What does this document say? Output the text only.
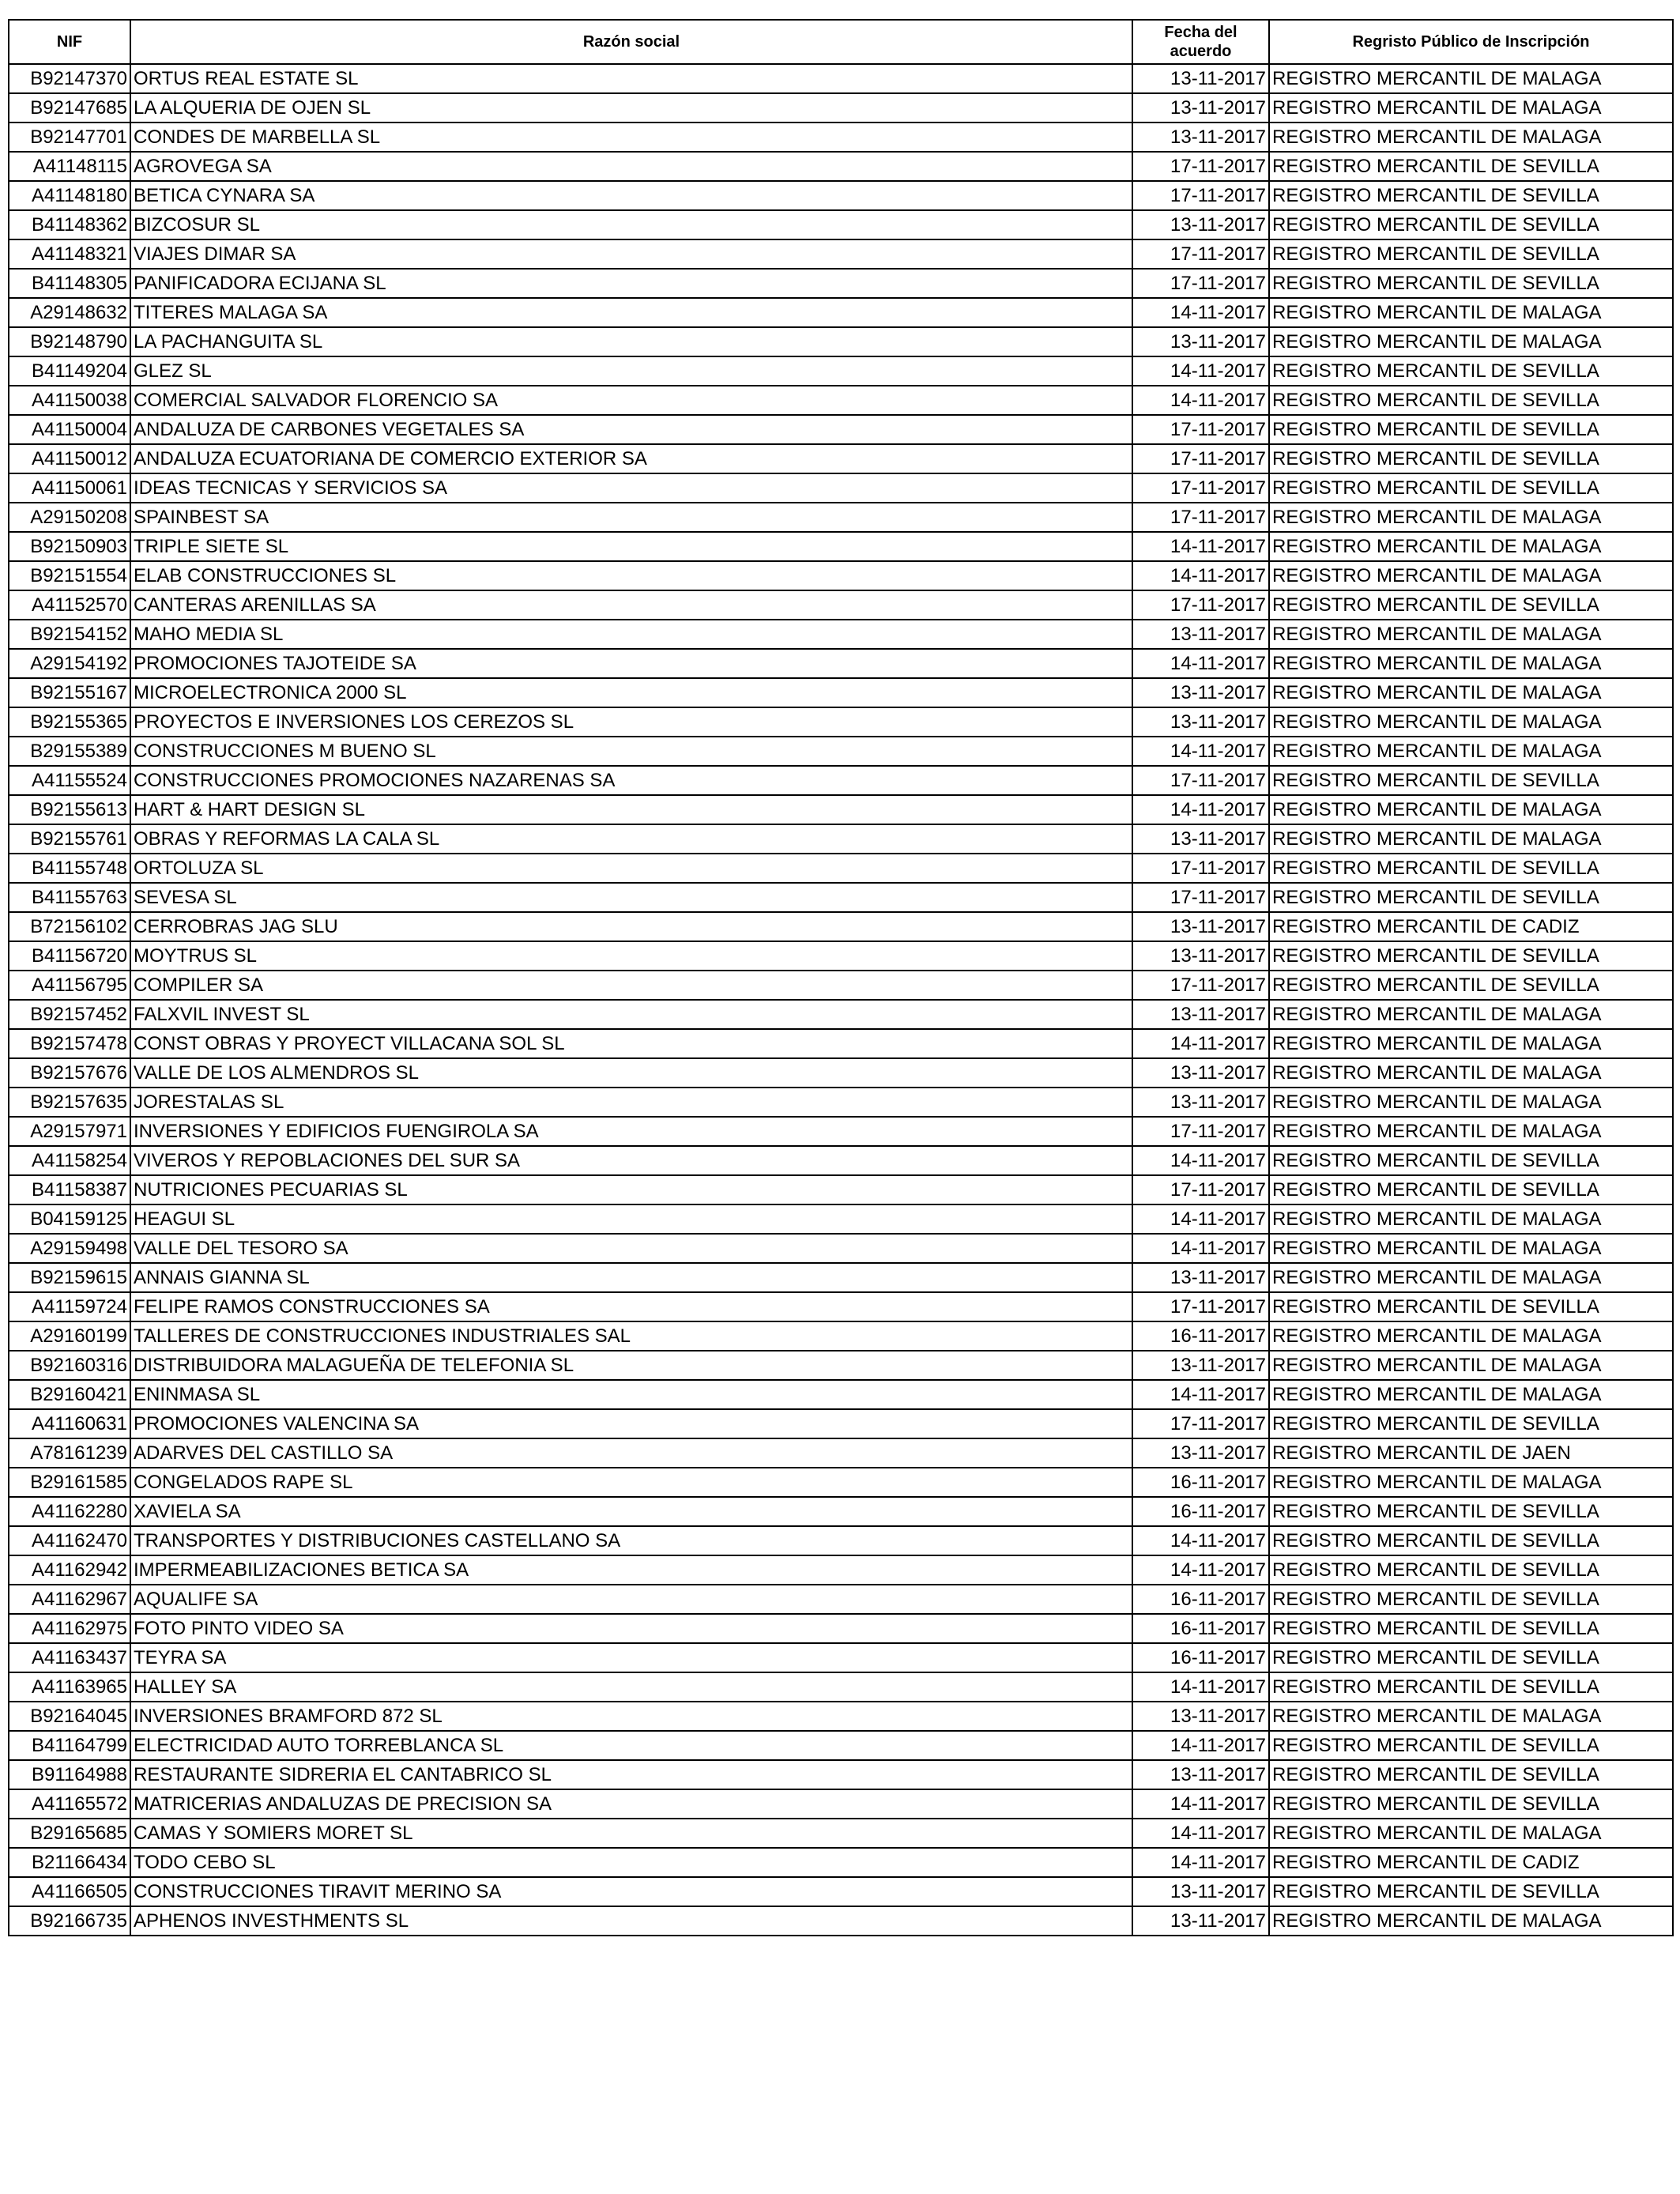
NIF	Razón social	Fecha del acuerdo	Regristo Público de Inscripción
B92147370	ORTUS REAL ESTATE SL	13-11-2017	REGISTRO MERCANTIL DE MALAGA
B92147685	LA ALQUERIA DE OJEN SL	13-11-2017	REGISTRO MERCANTIL DE MALAGA
B92147701	CONDES DE MARBELLA SL	13-11-2017	REGISTRO MERCANTIL DE MALAGA
A41148115	AGROVEGA SA	17-11-2017	REGISTRO MERCANTIL DE SEVILLA
A41148180	BETICA CYNARA SA	17-11-2017	REGISTRO MERCANTIL DE SEVILLA
B41148362	BIZCOSUR SL	13-11-2017	REGISTRO MERCANTIL DE SEVILLA
A41148321	VIAJES DIMAR SA	17-11-2017	REGISTRO MERCANTIL DE SEVILLA
B41148305	PANIFICADORA ECIJANA SL	17-11-2017	REGISTRO MERCANTIL DE SEVILLA
A29148632	TITERES MALAGA SA	14-11-2017	REGISTRO MERCANTIL DE MALAGA
B92148790	LA PACHANGUITA SL	13-11-2017	REGISTRO MERCANTIL DE MALAGA
B41149204	GLEZ SL	14-11-2017	REGISTRO MERCANTIL DE SEVILLA
A41150038	COMERCIAL SALVADOR FLORENCIO SA	14-11-2017	REGISTRO MERCANTIL DE SEVILLA
A41150004	ANDALUZA DE CARBONES VEGETALES SA	17-11-2017	REGISTRO MERCANTIL DE SEVILLA
A41150012	ANDALUZA ECUATORIANA DE COMERCIO EXTERIOR SA	17-11-2017	REGISTRO MERCANTIL DE SEVILLA
A41150061	IDEAS TECNICAS Y SERVICIOS SA	17-11-2017	REGISTRO MERCANTIL DE SEVILLA
A29150208	SPAINBEST SA	17-11-2017	REGISTRO MERCANTIL DE MALAGA
B92150903	TRIPLE SIETE SL	14-11-2017	REGISTRO MERCANTIL DE MALAGA
B92151554	ELAB CONSTRUCCIONES SL	14-11-2017	REGISTRO MERCANTIL DE MALAGA
A41152570	CANTERAS ARENILLAS SA	17-11-2017	REGISTRO MERCANTIL DE SEVILLA
B92154152	MAHO MEDIA SL	13-11-2017	REGISTRO MERCANTIL DE MALAGA
A29154192	PROMOCIONES TAJOTEIDE SA	14-11-2017	REGISTRO MERCANTIL DE MALAGA
B92155167	MICROELECTRONICA 2000 SL	13-11-2017	REGISTRO MERCANTIL DE MALAGA
B92155365	PROYECTOS E INVERSIONES LOS CEREZOS SL	13-11-2017	REGISTRO MERCANTIL DE MALAGA
B29155389	CONSTRUCCIONES M BUENO SL	14-11-2017	REGISTRO MERCANTIL DE MALAGA
A41155524	CONSTRUCCIONES PROMOCIONES NAZARENAS SA	17-11-2017	REGISTRO MERCANTIL DE SEVILLA
B92155613	HART & HART DESIGN SL	14-11-2017	REGISTRO MERCANTIL DE MALAGA
B92155761	OBRAS Y REFORMAS LA CALA SL	13-11-2017	REGISTRO MERCANTIL DE MALAGA
B41155748	ORTOLUZA SL	17-11-2017	REGISTRO MERCANTIL DE SEVILLA
B41155763	SEVESA SL	17-11-2017	REGISTRO MERCANTIL DE SEVILLA
B72156102	CERROBRAS JAG SLU	13-11-2017	REGISTRO MERCANTIL DE CADIZ
B41156720	MOYTRUS SL	13-11-2017	REGISTRO MERCANTIL DE SEVILLA
A41156795	COMPILER SA	17-11-2017	REGISTRO MERCANTIL DE SEVILLA
B92157452	FALXVIL INVEST SL	13-11-2017	REGISTRO MERCANTIL DE MALAGA
B92157478	CONST OBRAS Y PROYECT VILLACANA SOL SL	14-11-2017	REGISTRO MERCANTIL DE MALAGA
B92157676	VALLE DE LOS ALMENDROS SL	13-11-2017	REGISTRO MERCANTIL DE MALAGA
B92157635	JORESTALAS SL	13-11-2017	REGISTRO MERCANTIL DE MALAGA
A29157971	INVERSIONES Y EDIFICIOS FUENGIROLA SA	17-11-2017	REGISTRO MERCANTIL DE MALAGA
A41158254	VIVEROS Y REPOBLACIONES DEL SUR SA	14-11-2017	REGISTRO MERCANTIL DE SEVILLA
B41158387	NUTRICIONES PECUARIAS SL	17-11-2017	REGISTRO MERCANTIL DE SEVILLA
B04159125	HEAGUI SL	14-11-2017	REGISTRO MERCANTIL DE MALAGA
A29159498	VALLE DEL TESORO SA	14-11-2017	REGISTRO MERCANTIL DE MALAGA
B92159615	ANNAIS GIANNA SL	13-11-2017	REGISTRO MERCANTIL DE MALAGA
A41159724	FELIPE RAMOS CONSTRUCCIONES SA	17-11-2017	REGISTRO MERCANTIL DE SEVILLA
A29160199	TALLERES DE CONSTRUCCIONES INDUSTRIALES SAL	16-11-2017	REGISTRO MERCANTIL DE MALAGA
B92160316	DISTRIBUIDORA MALAGUEÑA DE TELEFONIA SL	13-11-2017	REGISTRO MERCANTIL DE MALAGA
B29160421	ENINMASA SL	14-11-2017	REGISTRO MERCANTIL DE MALAGA
A41160631	PROMOCIONES VALENCINA SA	17-11-2017	REGISTRO MERCANTIL DE SEVILLA
A78161239	ADARVES DEL CASTILLO SA	13-11-2017	REGISTRO MERCANTIL DE JAEN
B29161585	CONGELADOS RAPE SL	16-11-2017	REGISTRO MERCANTIL DE MALAGA
A41162280	XAVIELA SA	16-11-2017	REGISTRO MERCANTIL DE SEVILLA
A41162470	TRANSPORTES Y DISTRIBUCIONES CASTELLANO SA	14-11-2017	REGISTRO MERCANTIL DE SEVILLA
A41162942	IMPERMEABILIZACIONES BETICA SA	14-11-2017	REGISTRO MERCANTIL DE SEVILLA
A41162967	AQUALIFE SA	16-11-2017	REGISTRO MERCANTIL DE SEVILLA
A41162975	FOTO PINTO VIDEO SA	16-11-2017	REGISTRO MERCANTIL DE SEVILLA
A41163437	TEYRA SA	16-11-2017	REGISTRO MERCANTIL DE SEVILLA
A41163965	HALLEY SA	14-11-2017	REGISTRO MERCANTIL DE SEVILLA
B92164045	INVERSIONES BRAMFORD 872 SL	13-11-2017	REGISTRO MERCANTIL DE MALAGA
B41164799	ELECTRICIDAD AUTO TORREBLANCA SL	14-11-2017	REGISTRO MERCANTIL DE SEVILLA
B91164988	RESTAURANTE SIDRERIA EL CANTABRICO SL	13-11-2017	REGISTRO MERCANTIL DE SEVILLA
A41165572	MATRICERIAS ANDALUZAS DE PRECISION SA	14-11-2017	REGISTRO MERCANTIL DE SEVILLA
B29165685	CAMAS Y SOMIERS MORET SL	14-11-2017	REGISTRO MERCANTIL DE MALAGA
B21166434	TODO CEBO SL	14-11-2017	REGISTRO MERCANTIL DE CADIZ
A41166505	CONSTRUCCIONES TIRAVIT MERINO SA	13-11-2017	REGISTRO MERCANTIL DE SEVILLA
B92166735	APHENOS INVESTHMENTS SL	13-11-2017	REGISTRO MERCANTIL DE MALAGA
